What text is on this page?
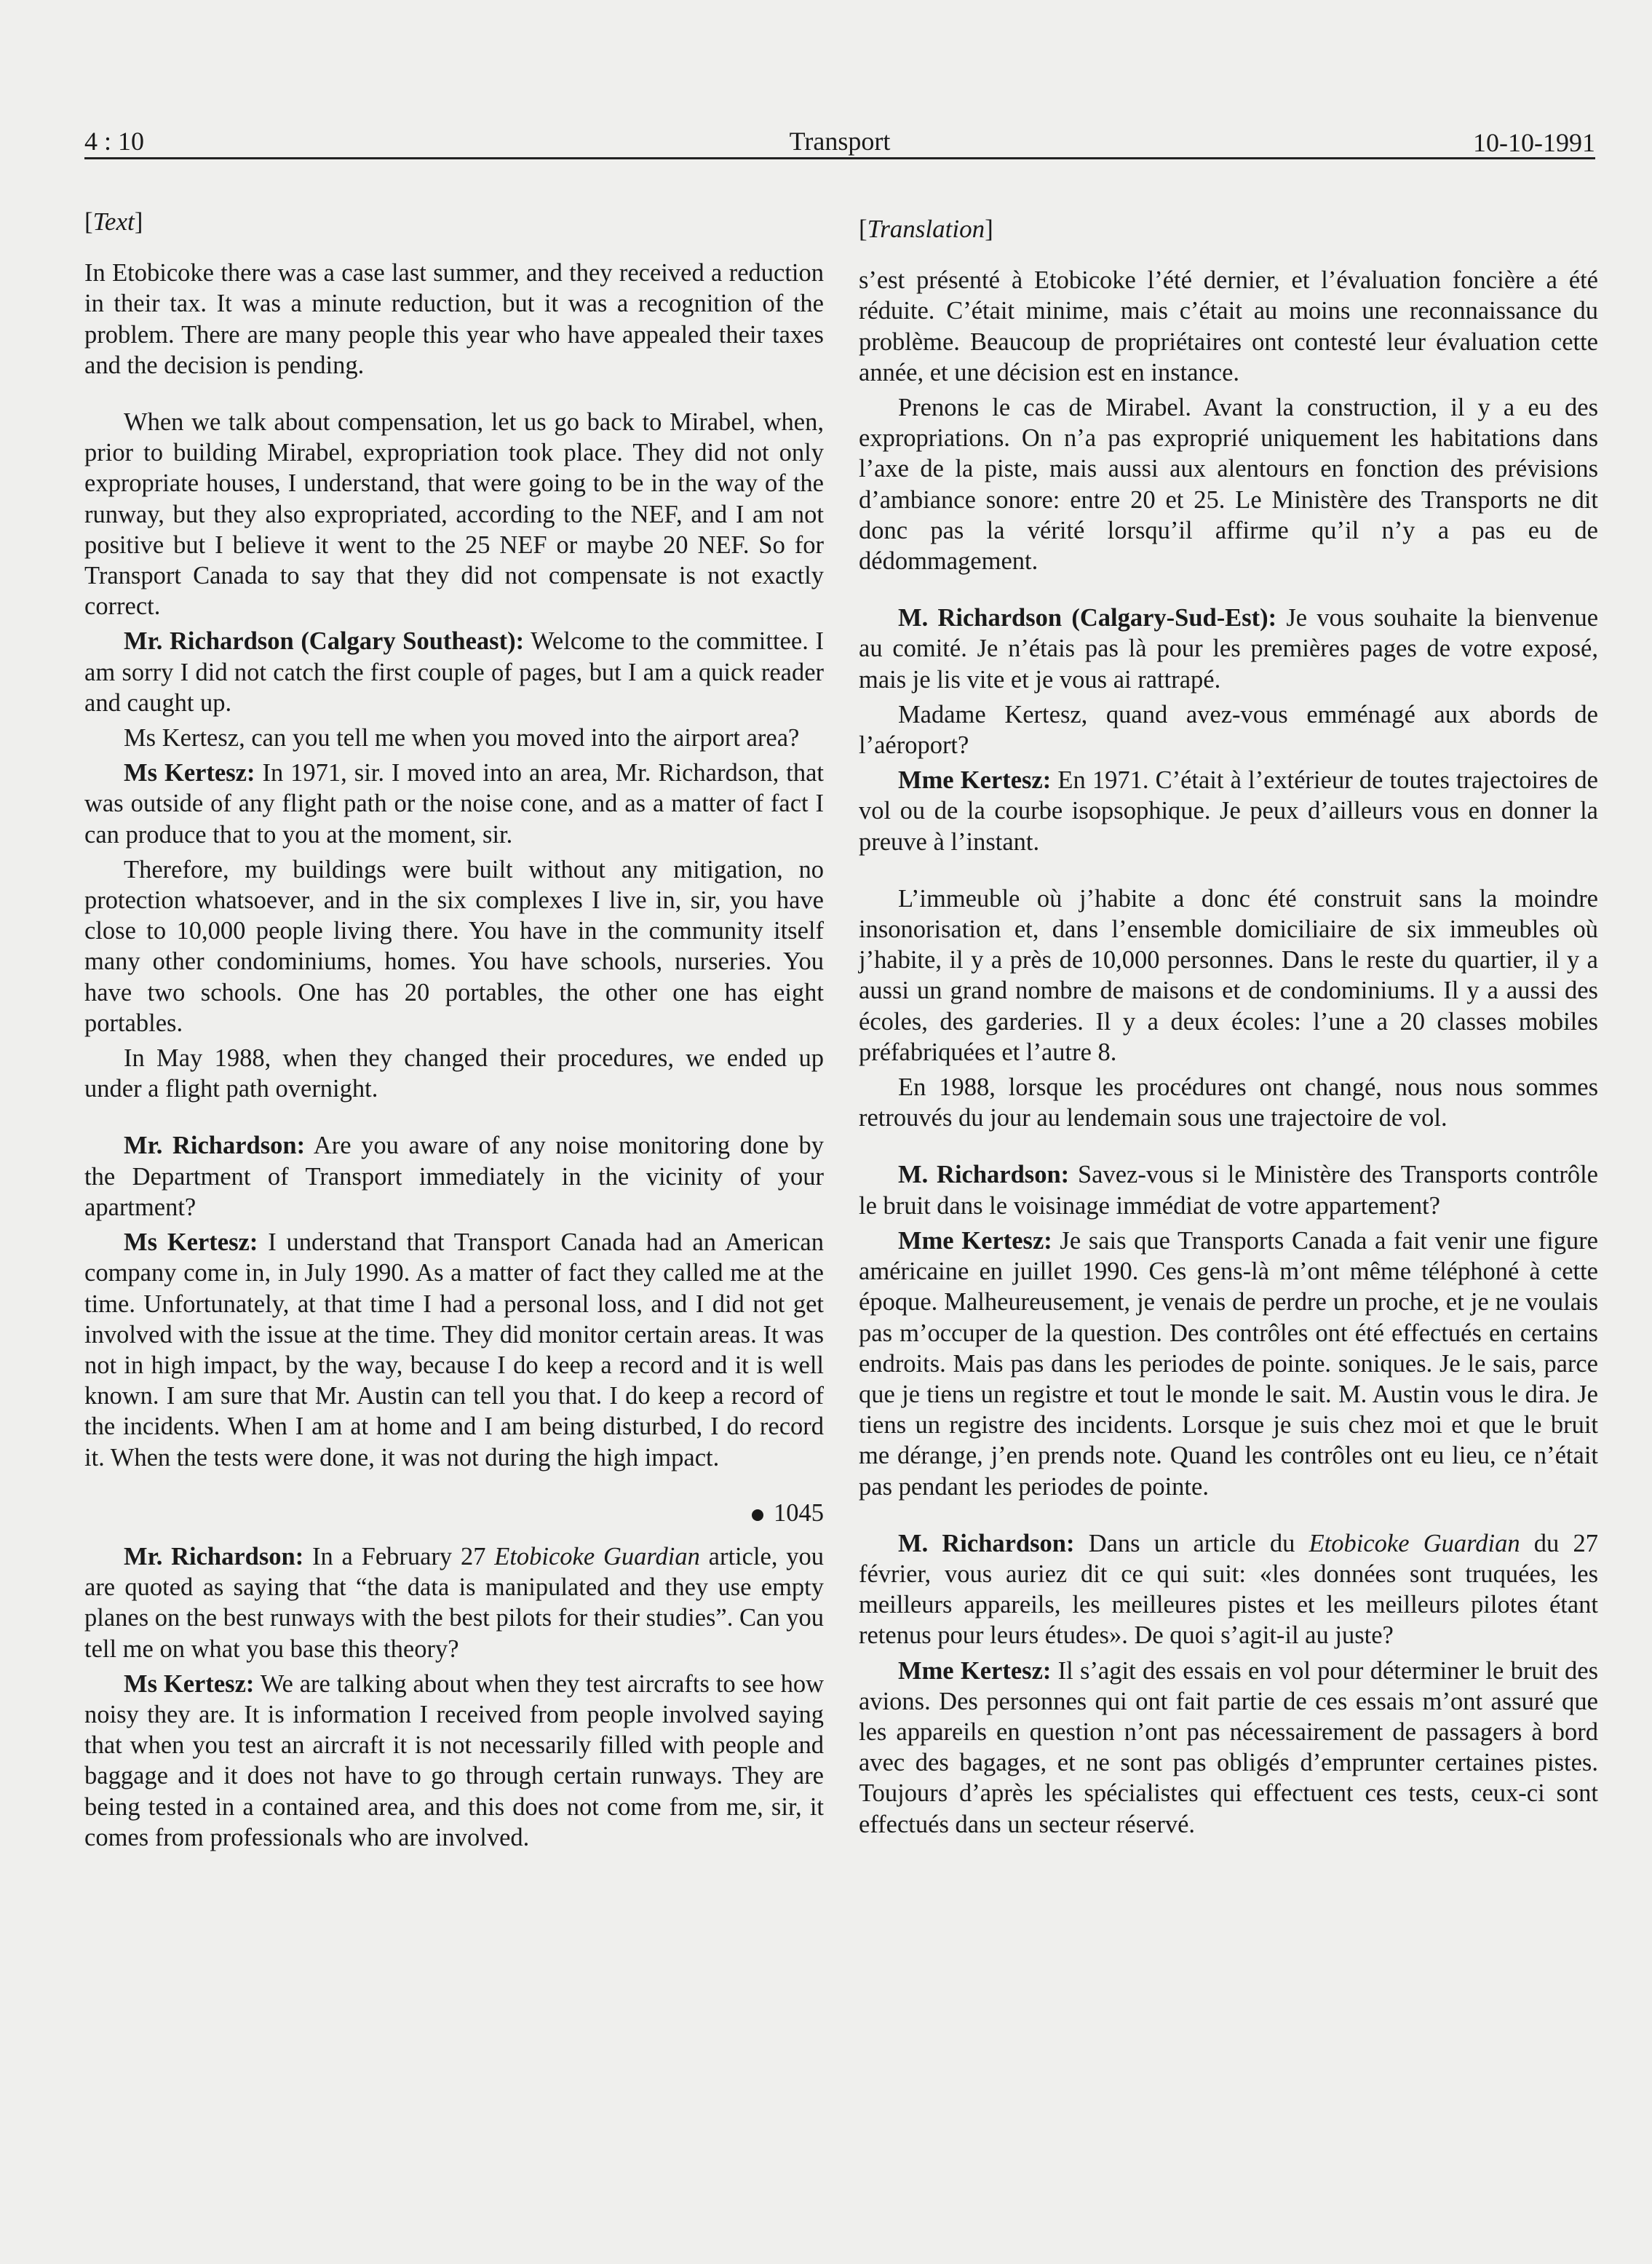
4 : 10	Transport	10-10-1991
[Text]

In Etobicoke there was a case last summer, and they received a reduction in their tax. It was a minute reduction, but it was a recognition of the problem. There are many people this year who have appealed their taxes and the decision is pending.

When we talk about compensation, let us go back to Mirabel, when, prior to building Mirabel, expropriation took place. They did not only expropriate houses, I understand, that were going to be in the way of the runway, but they also expropriated, according to the NEF, and I am not positive but I believe it went to the 25 NEF or maybe 20 NEF. So for Transport Canada to say that they did not compensate is not exactly correct.

Mr. Richardson (Calgary Southeast): Welcome to the committee. I am sorry I did not catch the first couple of pages, but I am a quick reader and caught up.

Ms Kertesz, can you tell me when you moved into the airport area?

Ms Kertesz: In 1971, sir. I moved into an area, Mr. Richardson, that was outside of any flight path or the noise cone, and as a matter of fact I can produce that to you at the moment, sir.

Therefore, my buildings were built without any mitigation, no protection whatsoever, and in the six complexes I live in, sir, you have close to 10,000 people living there. You have in the community itself many other condominiums, homes. You have schools, nurseries. You have two schools. One has 20 portables, the other one has eight portables.

In May 1988, when they changed their procedures, we ended up under a flight path overnight.

Mr. Richardson: Are you aware of any noise monitoring done by the Department of Transport immediately in the vicinity of your apartment?

Ms Kertesz: I understand that Transport Canada had an American company come in, in July 1990. As a matter of fact they called me at the time. Unfortunately, at that time I had a personal loss, and I did not get involved with the issue at the time. They did monitor certain areas. It was not in high impact, by the way, because I do keep a record and it is well known. I am sure that Mr. Austin can tell you that. I do keep a record of the incidents. When I am at home and I am being disturbed, I do record it. When the tests were done, it was not during the high impact.

1045

Mr. Richardson: In a February 27 Etobicoke Guardian article, you are quoted as saying that “the data is manipulated and they use empty planes on the best runways with the best pilots for their studies”. Can you tell me on what you base this theory?

Ms Kertesz: We are talking about when they test aircrafts to see how noisy they are. It is information I received from people involved saying that when you test an aircraft it is not necessarily filled with people and baggage and it does not have to go through certain runways. They are being tested in a contained area, and this does not come from me, sir, it comes from professionals who are involved.

[Translation]

s’est présenté à Etobicoke l’été dernier, et l’évaluation foncière a été réduite. C’était minime, mais c’était au moins une reconnaissance du problème. Beaucoup de propriétaires ont contesté leur évaluation cette année, et une décision est en instance.

Prenons le cas de Mirabel. Avant la construction, il y a eu des expropriations. On n’a pas exproprié uniquement les habitations dans l’axe de la piste, mais aussi aux alentours en fonction des prévisions d’ambiance sonore: entre 20 et 25. Le Ministère des Transports ne dit donc pas la vérité lorsqu’il affirme qu’il n’y a pas eu de dédommagement.

M. Richardson (Calgary-Sud-Est): Je vous souhaite la bienvenue au comité. Je n’étais pas là pour les premières pages de votre exposé, mais je lis vite et je vous ai rattrapé.

Madame Kertesz, quand avez-vous emménagé aux abords de l’aéroport?

Mme Kertesz: En 1971. C’était à l’extérieur de toutes trajectoires de vol ou de la courbe isopsophique. Je peux d’ailleurs vous en donner la preuve à l’instant.

L’immeuble où j’habite a donc été construit sans la moindre insonorisation et, dans l’ensemble domiciliaire de six immeubles où j’habite, il y a près de 10,000 personnes. Dans le reste du quartier, il y a aussi un grand nombre de maisons et de condominiums. Il y a aussi des écoles, des garderies. Il y a deux écoles: l’une a 20 classes mobiles préfabriquées et l’autre 8.

En 1988, lorsque les procédures ont changé, nous nous sommes retrouvés du jour au lendemain sous une trajectoire de vol.

M. Richardson: Savez-vous si le Ministère des Transports contrôle le bruit dans le voisinage immédiat de votre appartement?

Mme Kertesz: Je sais que Transports Canada a fait venir une figure américaine en juillet 1990. Ces gens-là m’ont même téléphoné à cette époque. Malheureusement, je venais de perdre un proche, et je ne voulais pas m’occuper de la question. Des contrôles ont été effectués en certains endroits. Mais pas dans les periodes de pointe. soniques. Je le sais, parce que je tiens un registre et tout le monde le sait. M. Austin vous le dira. Je tiens un registre des incidents. Lorsque je suis chez moi et que le bruit me dérange, j’en prends note. Quand les contrôles ont eu lieu, ce n’était pas pendant les periodes de pointe.

M. Richardson: Dans un article du Etobicoke Guardian du 27 février, vous auriez dit ce qui suit: «les données sont truquées, les meilleurs appareils, les meilleures pistes et les meilleurs pilotes étant retenus pour leurs études». De quoi s’agit-il au juste?

Mme Kertesz: Il s’agit des essais en vol pour déterminer le bruit des avions. Des personnes qui ont fait partie de ces essais m’ont assuré que les appareils en question n’ont pas nécessairement de passagers à bord avec des bagages, et ne sont pas obligés d’emprunter certaines pistes. Toujours d’après les spécialistes qui effectuent ces tests, ceux-ci sont effectués dans un secteur réservé.
